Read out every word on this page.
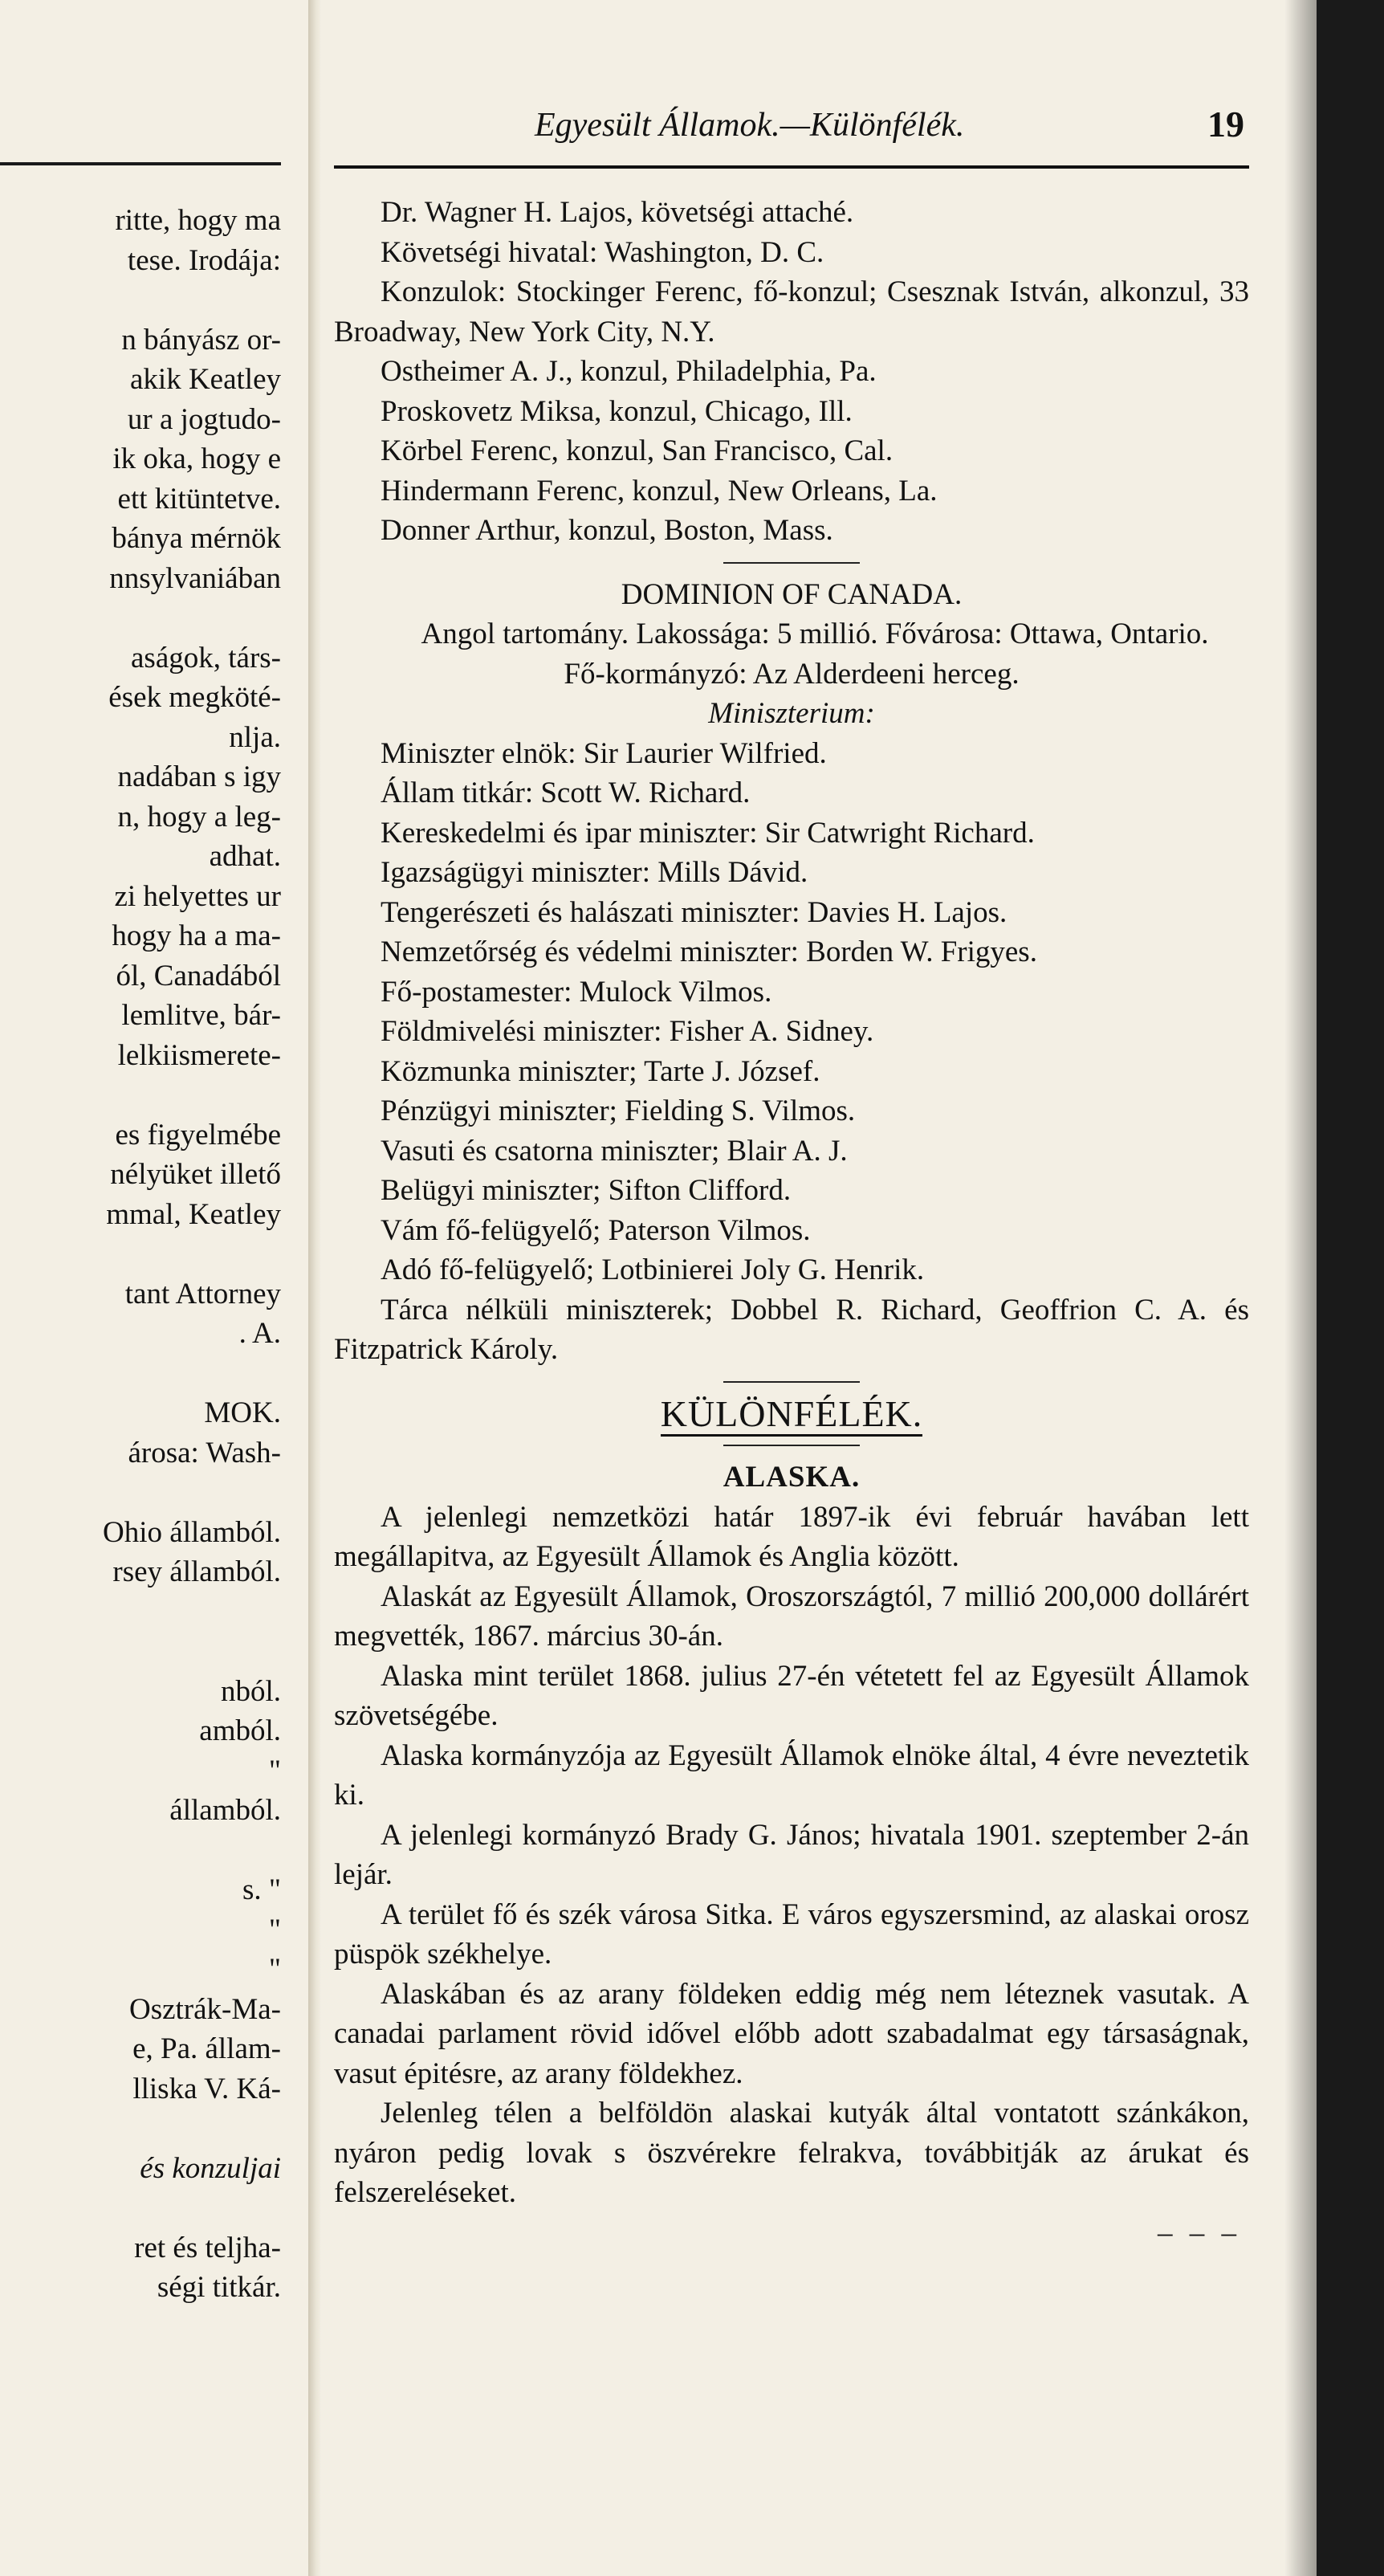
ritte, hogy ma
tese. Irodája:
n bányász or-
akik Keatley
ur a jogtudo-
ik oka, hogy e
ett kitüntetve.
bánya mérnök
nnsylvaniában
aságok, társ-
ések megköté-
nlja.
nadában s igy
n, hogy a leg-
adhat.
zi helyettes ur
hogy ha a ma-
ól, Canadából
lemlitve, bár-
lelkiismerete-
es figyelmébe
nélyüket illető
mmal, Keatley
tant Attorney
. A.
MOK.
árosa: Wash-
Ohio államból.
rsey államból.
nból.
amból.
"
államból.
s. "
"
"
Osztrák-Ma-
e, Pa. állam-
lliska V. Ká-
és konzuljai
ret és teljha-
ségi titkár.
Egyesült Államok.—Különfélék.	19

Dr. Wagner H. Lajos, követségi attaché.

Követségi hivatal: Washington, D. C.

Konzulok: Stockinger Ferenc, fő-konzul; Csesznak István, alkonzul, 33 Broadway, New York City, N.Y.

Ostheimer A. J., konzul, Philadelphia, Pa.

Proskovetz Miksa, konzul, Chicago, Ill.

Körbel Ferenc, konzul, San Francisco, Cal.

Hindermann Ferenc, konzul, New Orleans, La.

Donner Arthur, konzul, Boston, Mass.

DOMINION OF CANADA.

Angol tartomány. Lakossága: 5 millió. Fővárosa: Ottawa, Ontario.

Fő-kormányzó: Az Alderdeeni herceg.

Miniszterium:

Miniszter elnök: Sir Laurier Wilfried.

Állam titkár: Scott W. Richard.

Kereskedelmi és ipar miniszter: Sir Catwright Richard.

Igazságügyi miniszter: Mills Dávid.

Tengerészeti és halászati miniszter: Davies H. Lajos.

Nemzetőrség és védelmi miniszter: Borden W. Frigyes.

Fő-postamester: Mulock Vilmos.

Földmivelési miniszter: Fisher A. Sidney.

Közmunka miniszter; Tarte J. József.

Pénzügyi miniszter; Fielding S. Vilmos.

Vasuti és csatorna miniszter; Blair A. J.

Belügyi miniszter; Sifton Clifford.

Vám fő-felügyelő; Paterson Vilmos.

Adó fő-felügyelő; Lotbinierei Joly G. Henrik.

Tárca nélküli miniszterek; Dobbel R. Richard, Geoffrion C. A. és Fitzpatrick Károly.

KÜLÖNFÉLÉK.

ALASKA.

A jelenlegi nemzetközi határ 1897-ik évi február havában lett megállapitva, az Egyesült Államok és Anglia között.

Alaskát az Egyesült Államok, Oroszországtól, 7 millió 200,000 dollárért megvették, 1867. március 30-án.

Alaska mint terület 1868. julius 27-én vétetett fel az Egyesült Államok szövetségébe.

Alaska kormányzója az Egyesült Államok elnöke által, 4 évre neveztetik ki.

A jelenlegi kormányzó Brady G. János; hivatala 1901. szeptember 2-án lejár.

A terület fő és szék városa Sitka. E város egyszersmind, az alaskai orosz püspök székhelye.

Alaskában és az arany földeken eddig még nem léteznek vasutak. A canadai parlament rövid idővel előbb adott szabadalmat egy társaságnak, vasut épitésre, az arany földekhez.

Jelenleg télen a belföldön alaskai kutyák által vontatott szánkákon, nyáron pedig lovak s öszvérekre felrakva, továbbitják az árukat és felszereléseket.

– – –
